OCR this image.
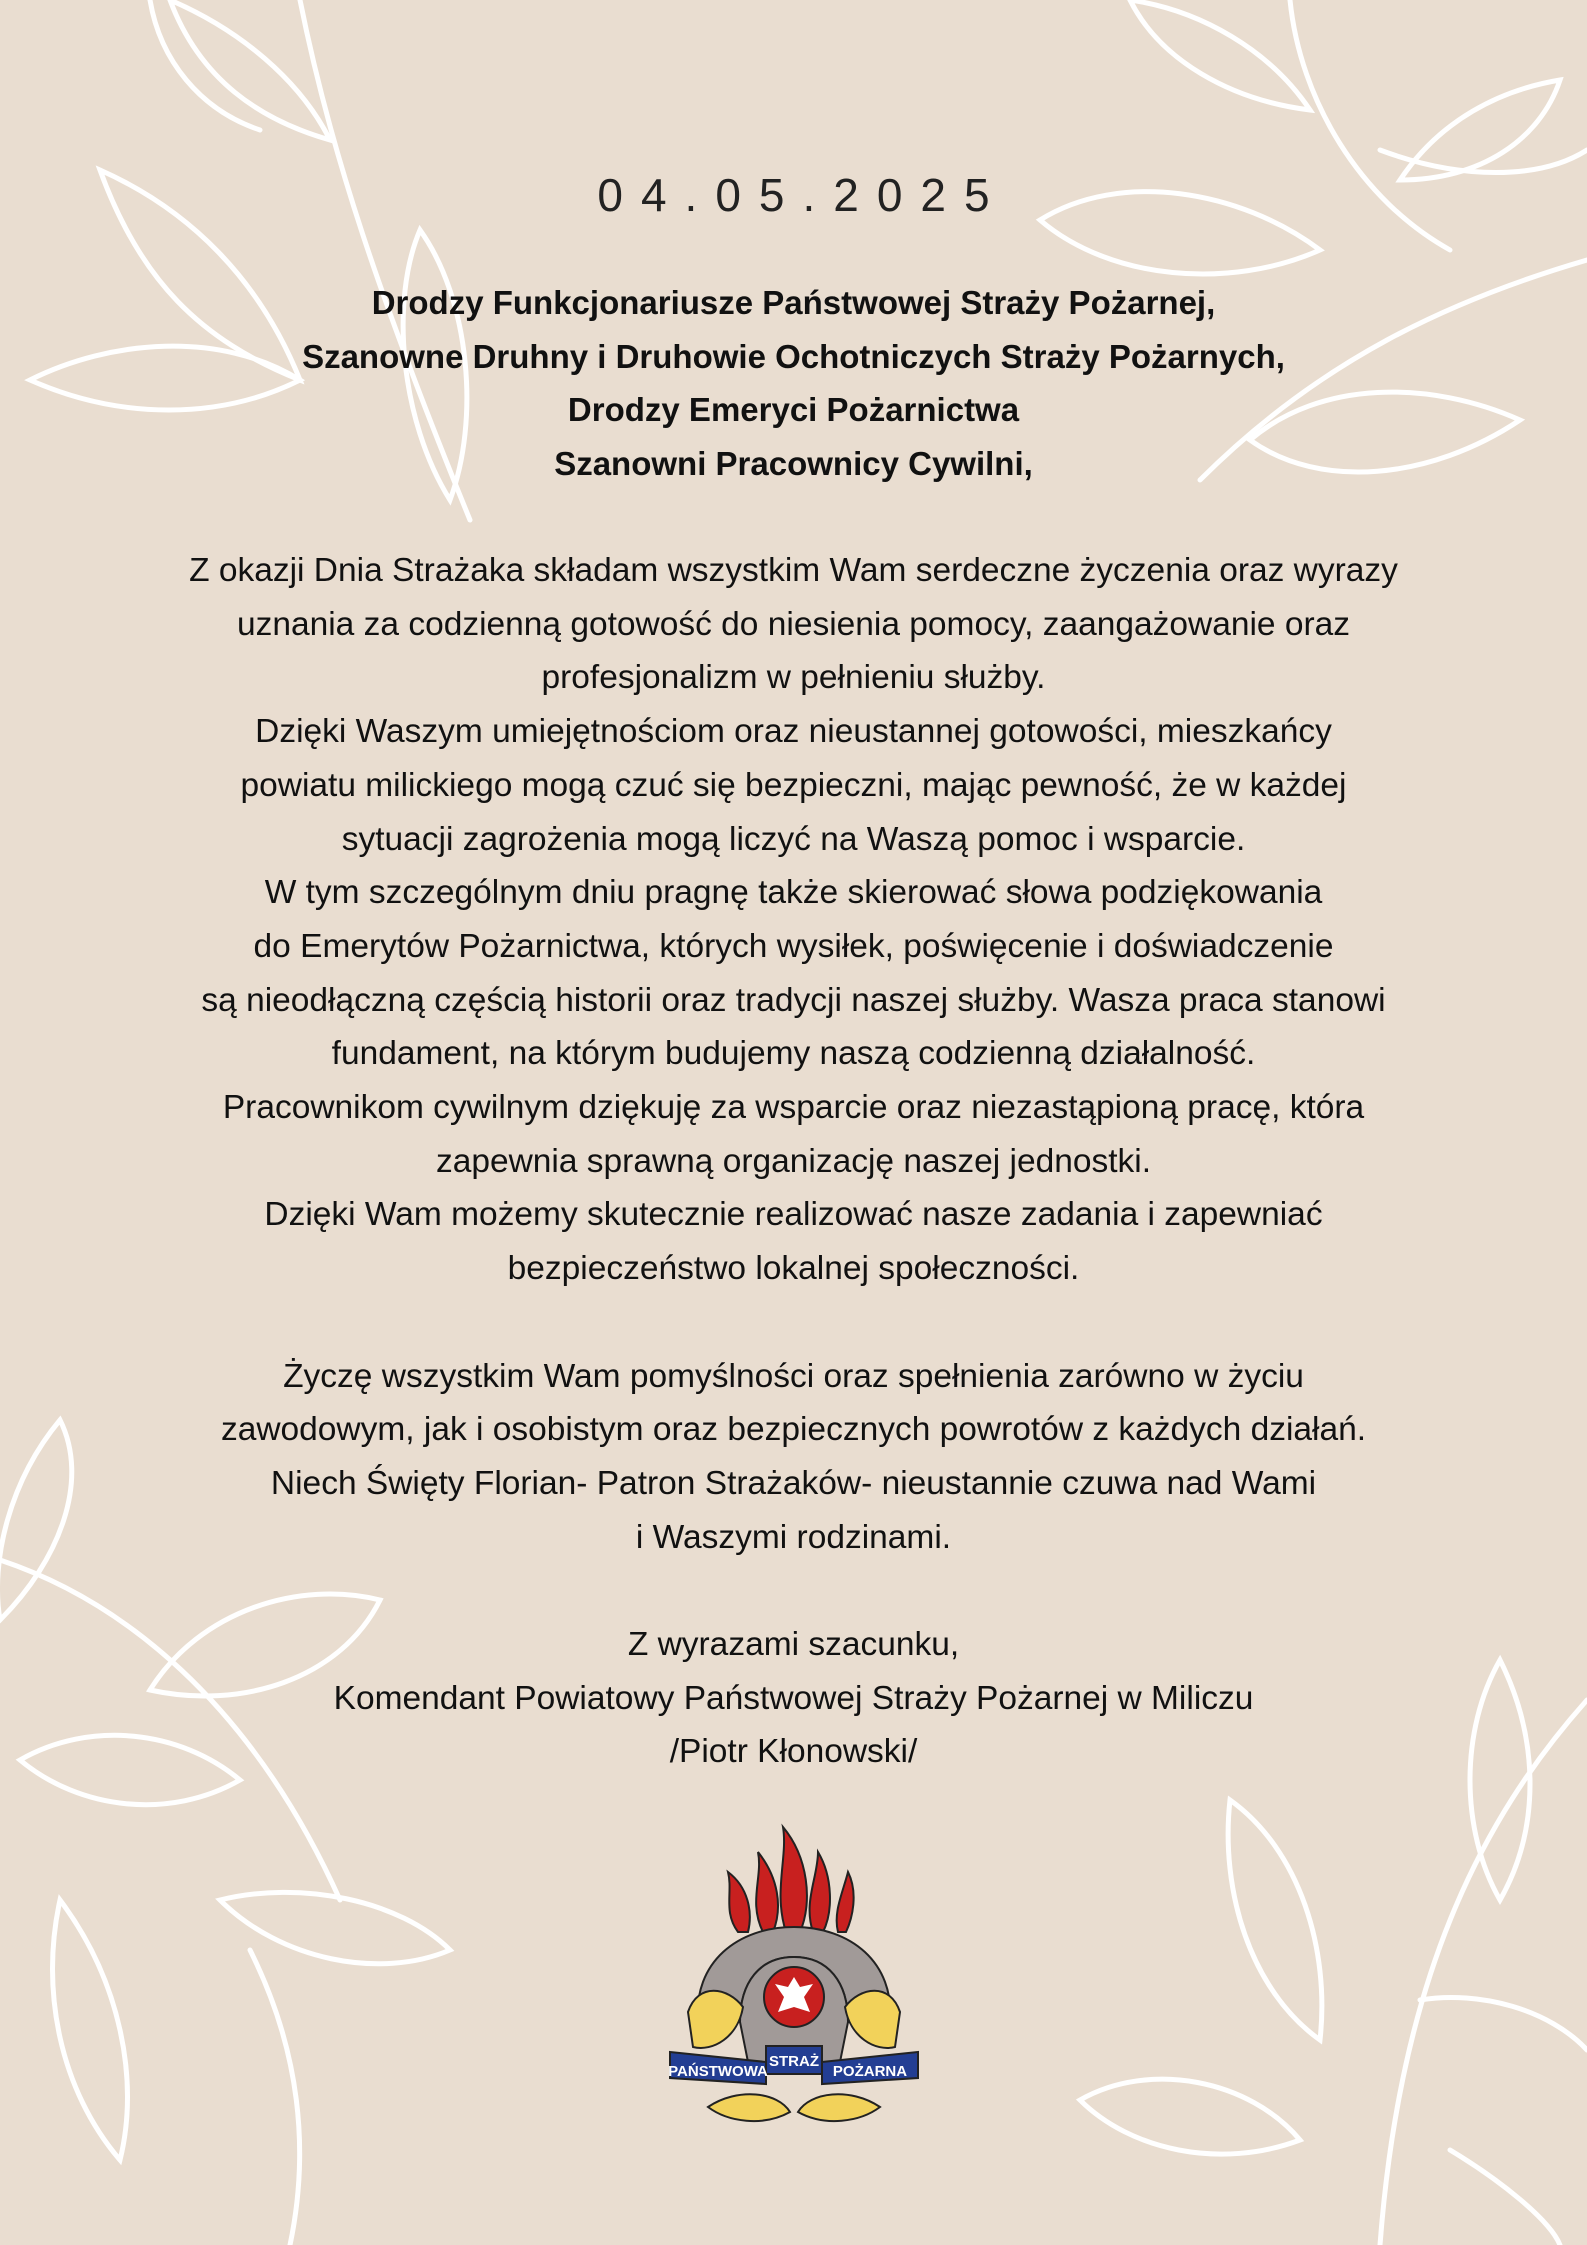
04.05.2025
Drodzy Funkcjonariusze Państwowej Straży Pożarnej,
Szanowne Druhny i Druhowie Ochotniczych Straży Pożarnych,
Drodzy Emeryci Pożarnictwa
Szanowni Pracownicy Cywilni,
Z okazji Dnia Strażaka składam wszystkim Wam serdeczne życzenia oraz wyrazy
uznania za codzienną gotowość do niesienia pomocy, zaangażowanie oraz
profesjonalizm w pełnieniu służby.
Dzięki Waszym umiejętnościom oraz nieustannej gotowości, mieszkańcy
powiatu milickiego mogą czuć się bezpieczni, mając pewność, że w każdej
sytuacji zagrożenia mogą liczyć na Waszą pomoc i wsparcie.
W tym szczególnym dniu pragnę także skierować słowa podziękowania
do Emerytów Pożarnictwa, których wysiłek, poświęcenie i doświadczenie
są nieodłączną częścią historii oraz tradycji naszej służby. Wasza praca stanowi
fundament, na którym budujemy naszą codzienną działalność.
Pracownikom cywilnym dziękuję za wsparcie oraz niezastąpioną pracę, która
zapewnia sprawną organizację naszej jednostki.
Dzięki Wam możemy skutecznie realizować nasze zadania i zapewniać
bezpieczeństwo lokalnej społeczności.
Życzę wszystkim Wam pomyślności oraz spełnienia zarówno w życiu
zawodowym, jak i osobistym oraz bezpiecznych powrotów z każdych działań.
Niech Święty Florian- Patron Strażaków- nieustannie czuwa nad Wami
i Waszymi rodzinami.
Z wyrazami szacunku,
Komendant Powiatowy Państwowej Straży Pożarnej w Miliczu
/Piotr Kłonowski/
PAŃSTWOWA
STRAŻ
POŻARNA
